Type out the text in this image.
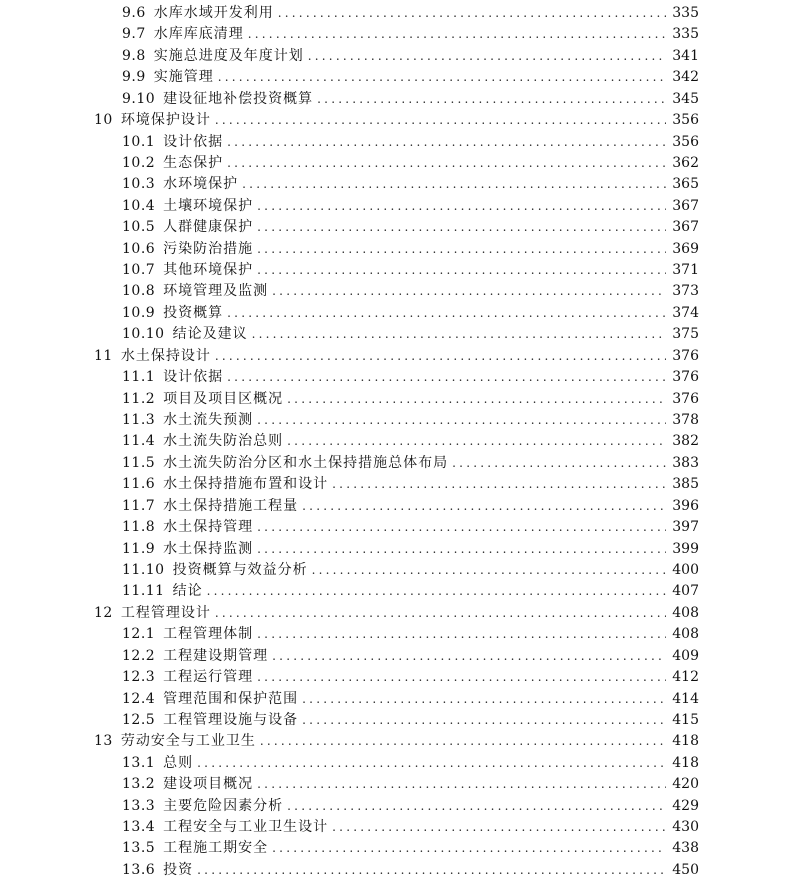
9.6 水库水域开发利用 .....	335
9.7 水库库底清理 .....	335
9.8 实施总进度及年度计划 .....	341
9.9 实施管理 .....	342
9.10 建设征地补偿投资概算 .....	345
10 环境保护设计 .....	356
10.1 设计依据 .....	356
10.2 生态保护 .....	362
10.3 水环境保护 .....	365
10.4 土壤环境保护 .....	367
10.5 人群健康保护 .....	367
10.6 污染防治措施 .....	369
10.7 其他环境保护 .....	371
10.8 环境管理及监测 .....	373
10.9 投资概算 .....	374
10.10 结论及建议 .....	375
11 水土保持设计 .....	376
11.1 设计依据 .....	376
11.2 项目及项目区概况 .....	376
11.3 水土流失预测 .....	378
11.4 水土流失防治总则 .....	382
11.5 水土流失防治分区和水土保持措施总体布局 .....	383
11.6 水土保持措施布置和设计 .....	385
11.7 水土保持措施工程量 .....	396
11.8 水土保持管理 .....	397
11.9 水土保持监测 .....	399
11.10 投资概算与效益分析 .....	400
11.11 结论 .....	407
12 工程管理设计 .....	408
12.1 工程管理体制 .....	408
12.2 工程建设期管理 .....	409
12.3 工程运行管理 .....	412
12.4 管理范围和保护范围 .....	414
12.5 工程管理设施与设备 .....	415
13 劳动安全与工业卫生 .....	418
13.1 总则 .....	418
13.2 建设项目概况 .....	420
13.3 主要危险因素分析 .....	429
13.4 工程安全与工业卫生设计 .....	430
13.5 工程施工期安全 .....	438
13.6 投资 .....	450
